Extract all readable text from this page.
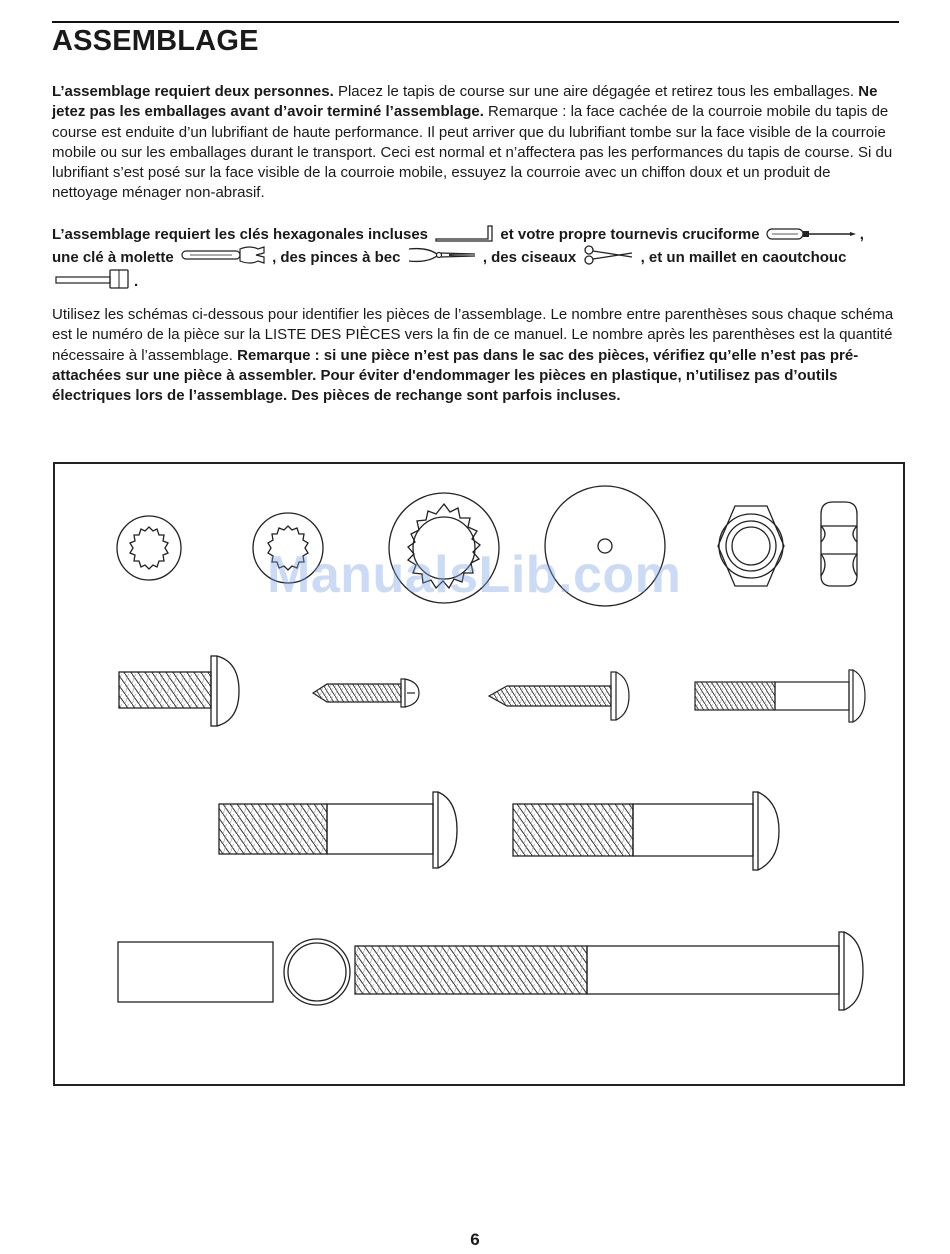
ASSEMBLAGE

L’assemblage requiert deux personnes. Placez le tapis de course sur une aire dégagée et retirez tous les emballages. Ne jetez pas les emballages avant d’avoir terminé l’assemblage. Remarque : la face cachée de la courroie mobile du tapis de course est enduite d’un lubrifiant de haute performance. Il peut arriver que du lubrifiant tombe sur la face visible de la courroie mobile ou sur les emballages durant le transport. Ceci est normal et n’affectera pas les performances du tapis de course. Si du lubrifiant s’est posé sur la face visible de la courroie mobile, essuyez la courroie avec un chiffon doux et un produit de nettoyage ménager non-abrasif.

L’assemblage requiert les clés hexagonales incluses	et votre propre tournevis cruciforme	,
une clé à molette	, des pinces à bec	, des ciseaux	, et un maillet en caoutchouc .

Utilisez les schémas ci-dessous pour identifier les pièces de l’assemblage. Le nombre entre parenthèses sous chaque schéma est le numéro de la pièce sur la LISTE DES PIÈCES vers la fin de ce manuel. Le nombre après les parenthèses est la quantité nécessaire à l’assemblage. Remarque : si une pièce n’est pas dans le sac des pièces, vérifiez qu’elle n’est pas pré-attachées sur une pièce à assembler. Pour éviter d'endommager les pièces en plastique, n’utilisez pas d’outils électriques lors de l’assemblage. Des pièces de rechange sont parfois incluses.

ManualsLib.com
6
